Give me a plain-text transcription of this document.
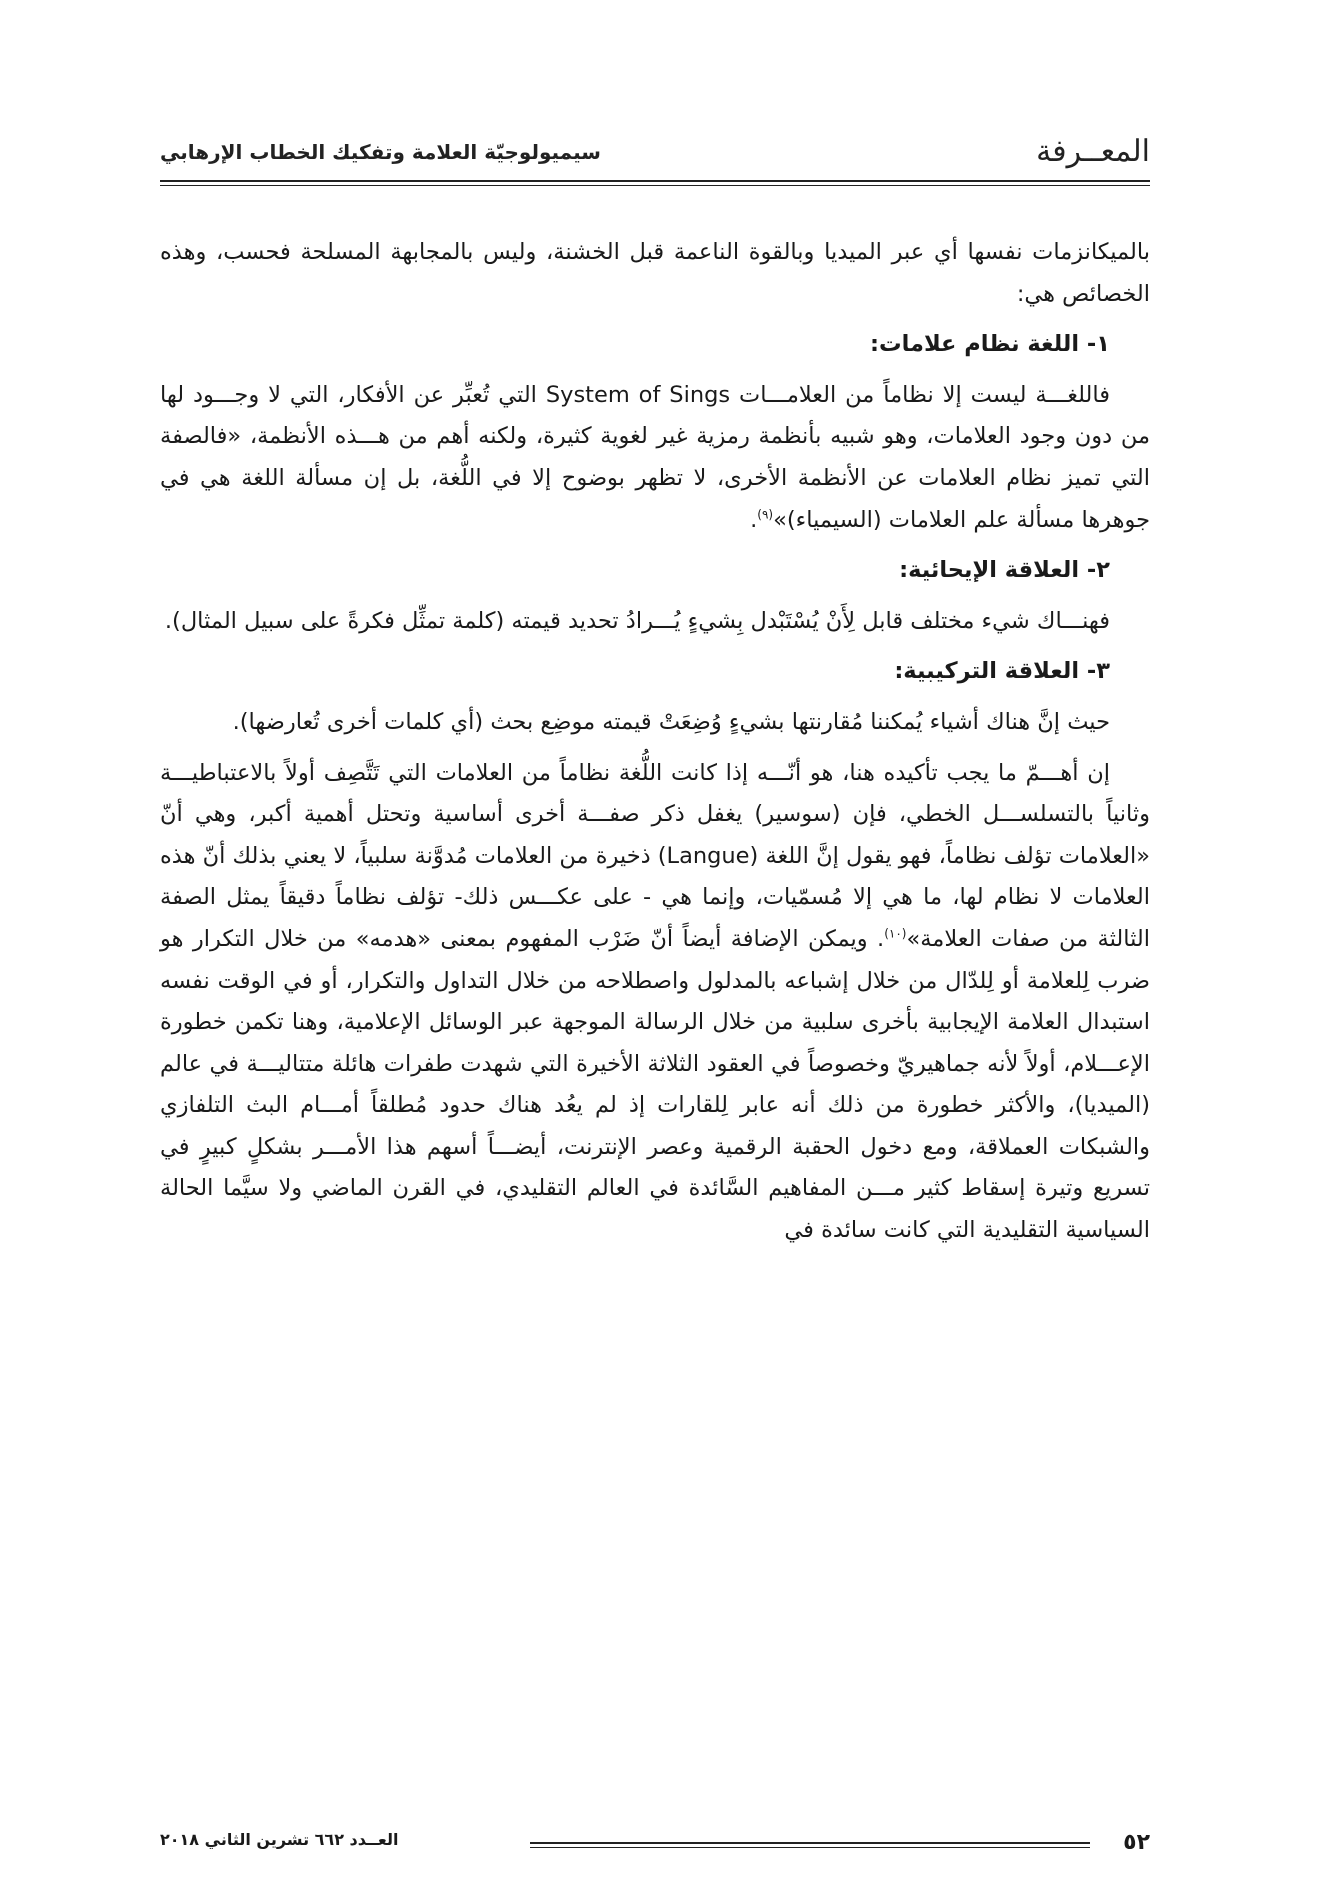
المعــرفة
سيميولوجيّة العلامة وتفكيك الخطاب الإرهابي

بالميكانزمات نفسها أي عبر الميديا وبالقوة الناعمة قبل الخشنة، وليس بالمجابهة المسلحة فحسب، وهذه الخصائص هي:

١- اللغة نظام علامات:

فاللغـــة ليست إلا نظاماً من العلامـــات System of Sings التي تُعبِّر عن الأفكار، التي لا وجـــود لها من دون وجود العلامات، وهو شبيه بأنظمة رمزية غير لغوية كثيرة، ولكنه أهم من هـــذه الأنظمة، «فالصفة التي تميز نظام العلامات عن الأنظمة الأخرى، لا تظهر بوضوح إلا في اللُّغة، بل إن مسألة اللغة هي في جوهرها مسألة علم العلامات (السيمياء)»$^{(٩)}$.

٢- العلاقة الإيحائية:

فهنـــاك شيء مختلف قابل لِأَنْ يُسْتَبْدل بِشيءٍ يُـــرادُ تحديد قيمته (كلمة تمثِّل فكرةً على سبيل المثال).

٣- العلاقة التركيبية:

حيث إنَّ هناك أشياء يُمكننا مُقارنتها بشيءٍ وُضِعَتْ قيمته موضِع بحث (أي كلمات أخرى تُعارضها).

إن أهـــمّ ما يجب تأكيده هنا، هو أنّـــه إذا كانت اللُّغة نظاماً من العلامات التي تَتَّصِف أولاً بالاعتباطيـــة وثانياً بالتسلســـل الخطي، فإن (سوسير) يغفل ذكر صفـــة أخرى أساسية وتحتل أهمية أكبر، وهي أنّ «العلامات تؤلف نظاماً، فهو يقول إنَّ اللغة (Langue) ذخيرة من العلامات مُدوَّنة سلبياً، لا يعني بذلك أنّ هذه العلامات لا نظام لها، ما هي إلا مُسمّيات، وإنما هي - على عكـــس ذلك- تؤلف نظاماً دقيقاً يمثل الصفة الثالثة من صفات العلامة»$^{(١٠)}$. ويمكن الإضافة أيضاً أنّ ضَرْب المفهوم بمعنى «هدمه» من خلال التكرار هو ضرب لِلعلامة أو لِلدّال من خلال إشباعه بالمدلول واصطلاحه من خلال التداول والتكرار، أو في الوقت نفسه استبدال العلامة الإيجابية بأخرى سلبية من خلال الرسالة الموجهة عبر الوسائل الإعلامية، وهنا تكمن خطورة الإعـــلام، أولاً لأنه جماهيريّ وخصوصاً في العقود الثلاثة الأخيرة التي شهدت طفرات هائلة متتاليـــة في عالم (الميديا)، والأكثر خطورة من ذلك أنه عابر لِلقارات إذ لم يعُد هناك حدود مُطلقاً أمـــام البث التلفازي والشبكات العملاقة، ومع دخول الحقبة الرقمية وعصر الإنترنت، أيضـــاً أسهم هذا الأمـــر بشكلٍ كبيرٍ في تسريع وتيرة إسقاط كثير مـــن المفاهيم السَّائدة في العالم التقليدي، في القرن الماضي ولا سيَّما الحالة السياسية التقليدية التي كانت سائدة في

٥٢
العــدد ٦٦٢ تشرين الثاني ٢٠١٨
